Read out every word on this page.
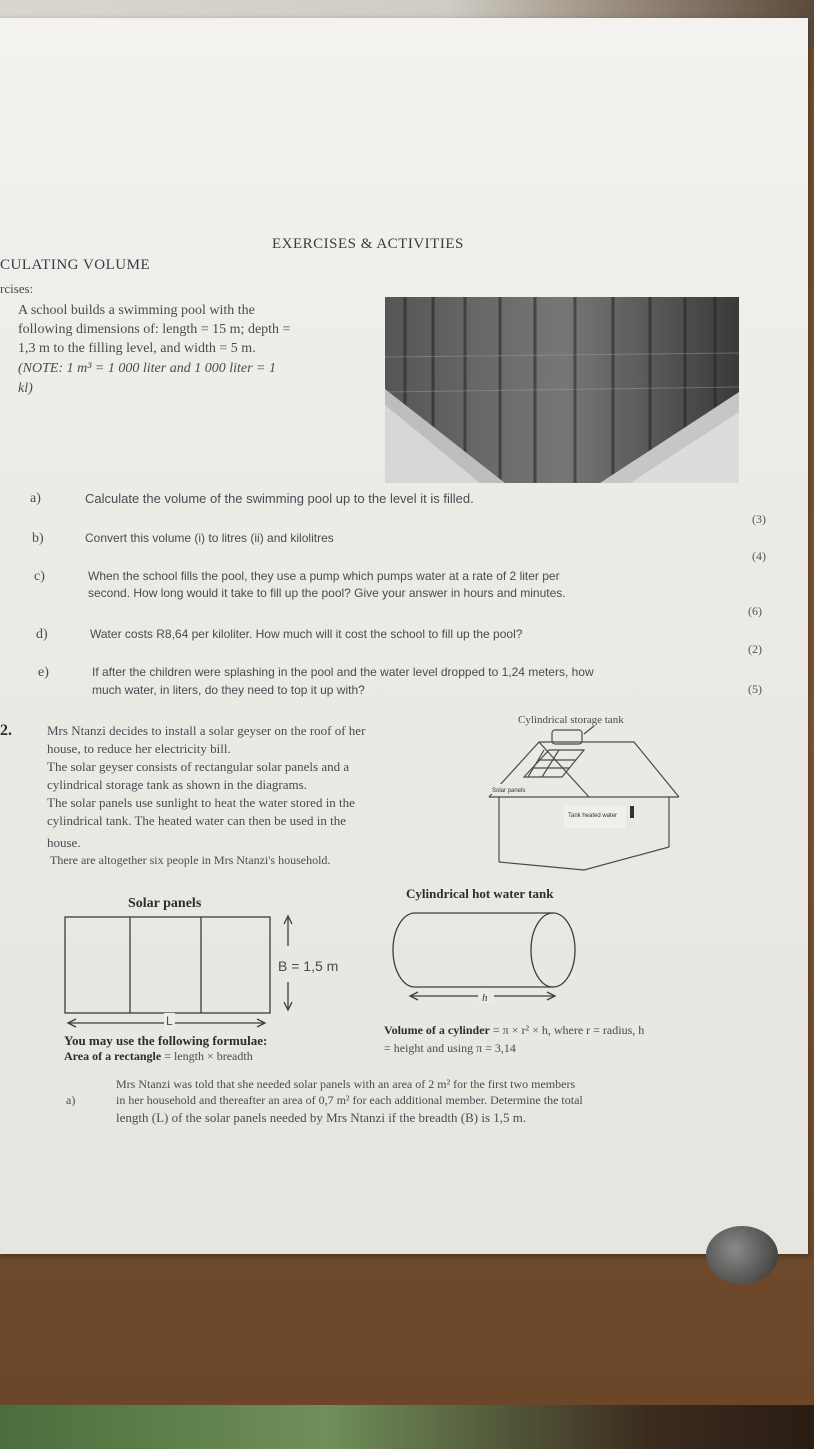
EXERCISES & ACTIVITIES
CULATING VOLUME
rcises:
A school builds a swimming pool with the
following dimensions of: length = 15 m; depth =
1,3 m to the filling level, and width = 5 m.
(NOTE: 1 m³ = 1 000 liter and 1 000 liter = 1
kl)
a)	Calculate the volume of the swimming pool up to the level it is filled.
(3)
b)	Convert this volume (i) to litres (ii) and kilolitres
(4)
c)	When the school fills the pool, they use a pump which pumps water at a rate of 2 liter per
second. How long would it take to fill up the pool? Give your answer in hours and minutes.
(6)
d)	Water costs R8,64 per kiloliter. How much will it cost the school to fill up the pool?
(2)
e)	If after the children were splashing in the pool and the water level dropped to 1,24 meters, how
much water, in liters, do they need to top it up with?	(5)
2.	Mrs Ntanzi decides to install a solar geyser on the roof of her
house, to reduce her electricity bill.
The solar geyser consists of rectangular solar panels and a
cylindrical storage tank as shown in the diagrams.
The solar panels use sunlight to heat the water stored in the
cylindrical tank. The heated water can then be used in the
house.
There are altogether six people in Mrs Ntanzi's household.
Cylindrical storage tank
Solar panels
Tank heated water
Solar panels
B = 1,5 m
L
Cylindrical hot water tank
h
You may use the following formulae:
Area of a rectangle = length × breadth
Volume of a cylinder = π × r² × h, where r = radius, h
= height and using π = 3,14
a)
Mrs Ntanzi was told that she needed solar panels with an area of 2 m² for the first two members
in her household and thereafter an area of 0,7 m² for each additional member. Determine the total
length (L) of the solar panels needed by Mrs Ntanzi if the breadth (B) is 1,5 m.
